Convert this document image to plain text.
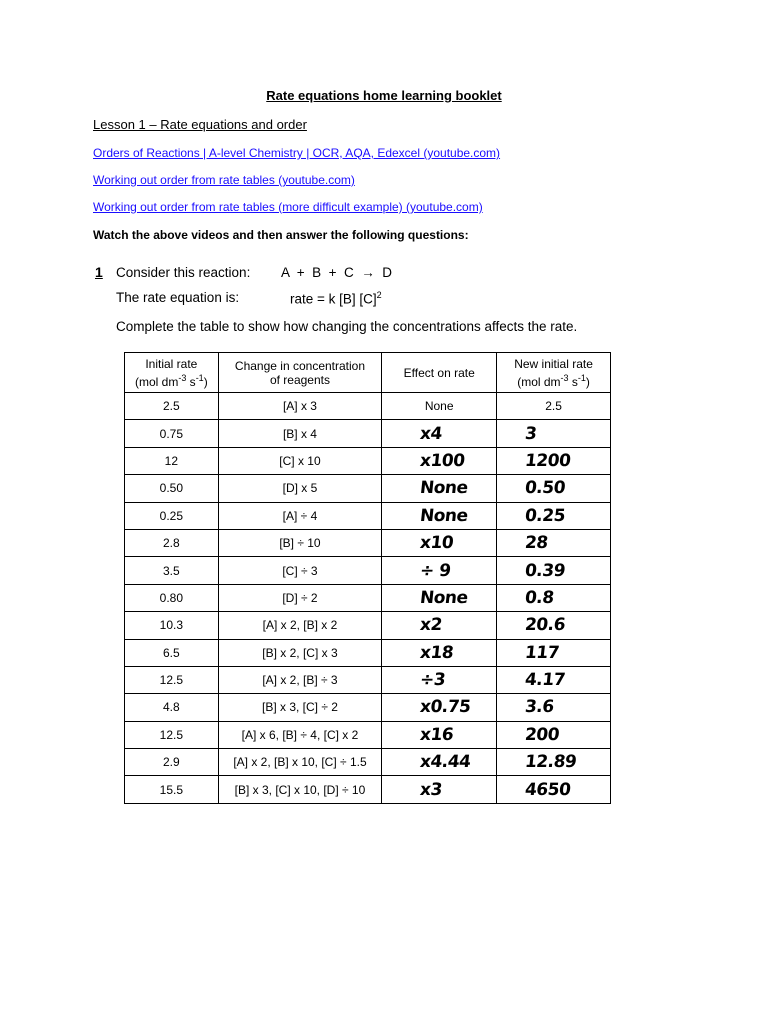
Rate equations home learning booklet
Lesson 1 – Rate equations and order
Orders of Reactions | A-level Chemistry | OCR, AQA, Edexcel (youtube.com)
Working out order from rate tables (youtube.com)
Working out order from rate tables (more difficult example) (youtube.com)
Watch the above videos and then answer the following questions:
1 Consider this reaction: A  +  B  +  C  →  D
The rate equation is:	rate = k [B] $[C]^2$
Complete the table to show how changing the concentrations affects the rate.
Initial rate
(mol $dm^{-3}$ $s^{-1}$)	Change in concentration
of reagents	Effect on rate	New initial rate
(mol $dm^{-3}$ $s^{-1}$)
2.5	[A] x 3	None	2.5
0.75	[B] x 4	x4	3
12	[C] x 10	x100	1200
0.50	[D] x 5	None	0.50
0.25	[A] ÷ 4	None	0.25
2.8	[B] ÷ 10	x10	28
3.5	[C] ÷ 3	÷ 9	0.39
0.80	[D] ÷ 2	None	0.8
10.3	[A] x 2, [B] x 2	x2	20.6
6.5	[B] x 2, [C] x 3	x18	117
12.5	[A] x 2, [B] ÷ 3	÷3	4.17
4.8	[B] x 3, [C] ÷ 2	x0.75	3.6
12.5	[A] x 6, [B] ÷ 4, [C] x 2	x16	200
2.9	[A] x 2, [B] x 10, [C] ÷ 1.5	x4.44	12.89
15.5	[B] x 3, [C] x 10, [D] ÷ 10	x3	4650
